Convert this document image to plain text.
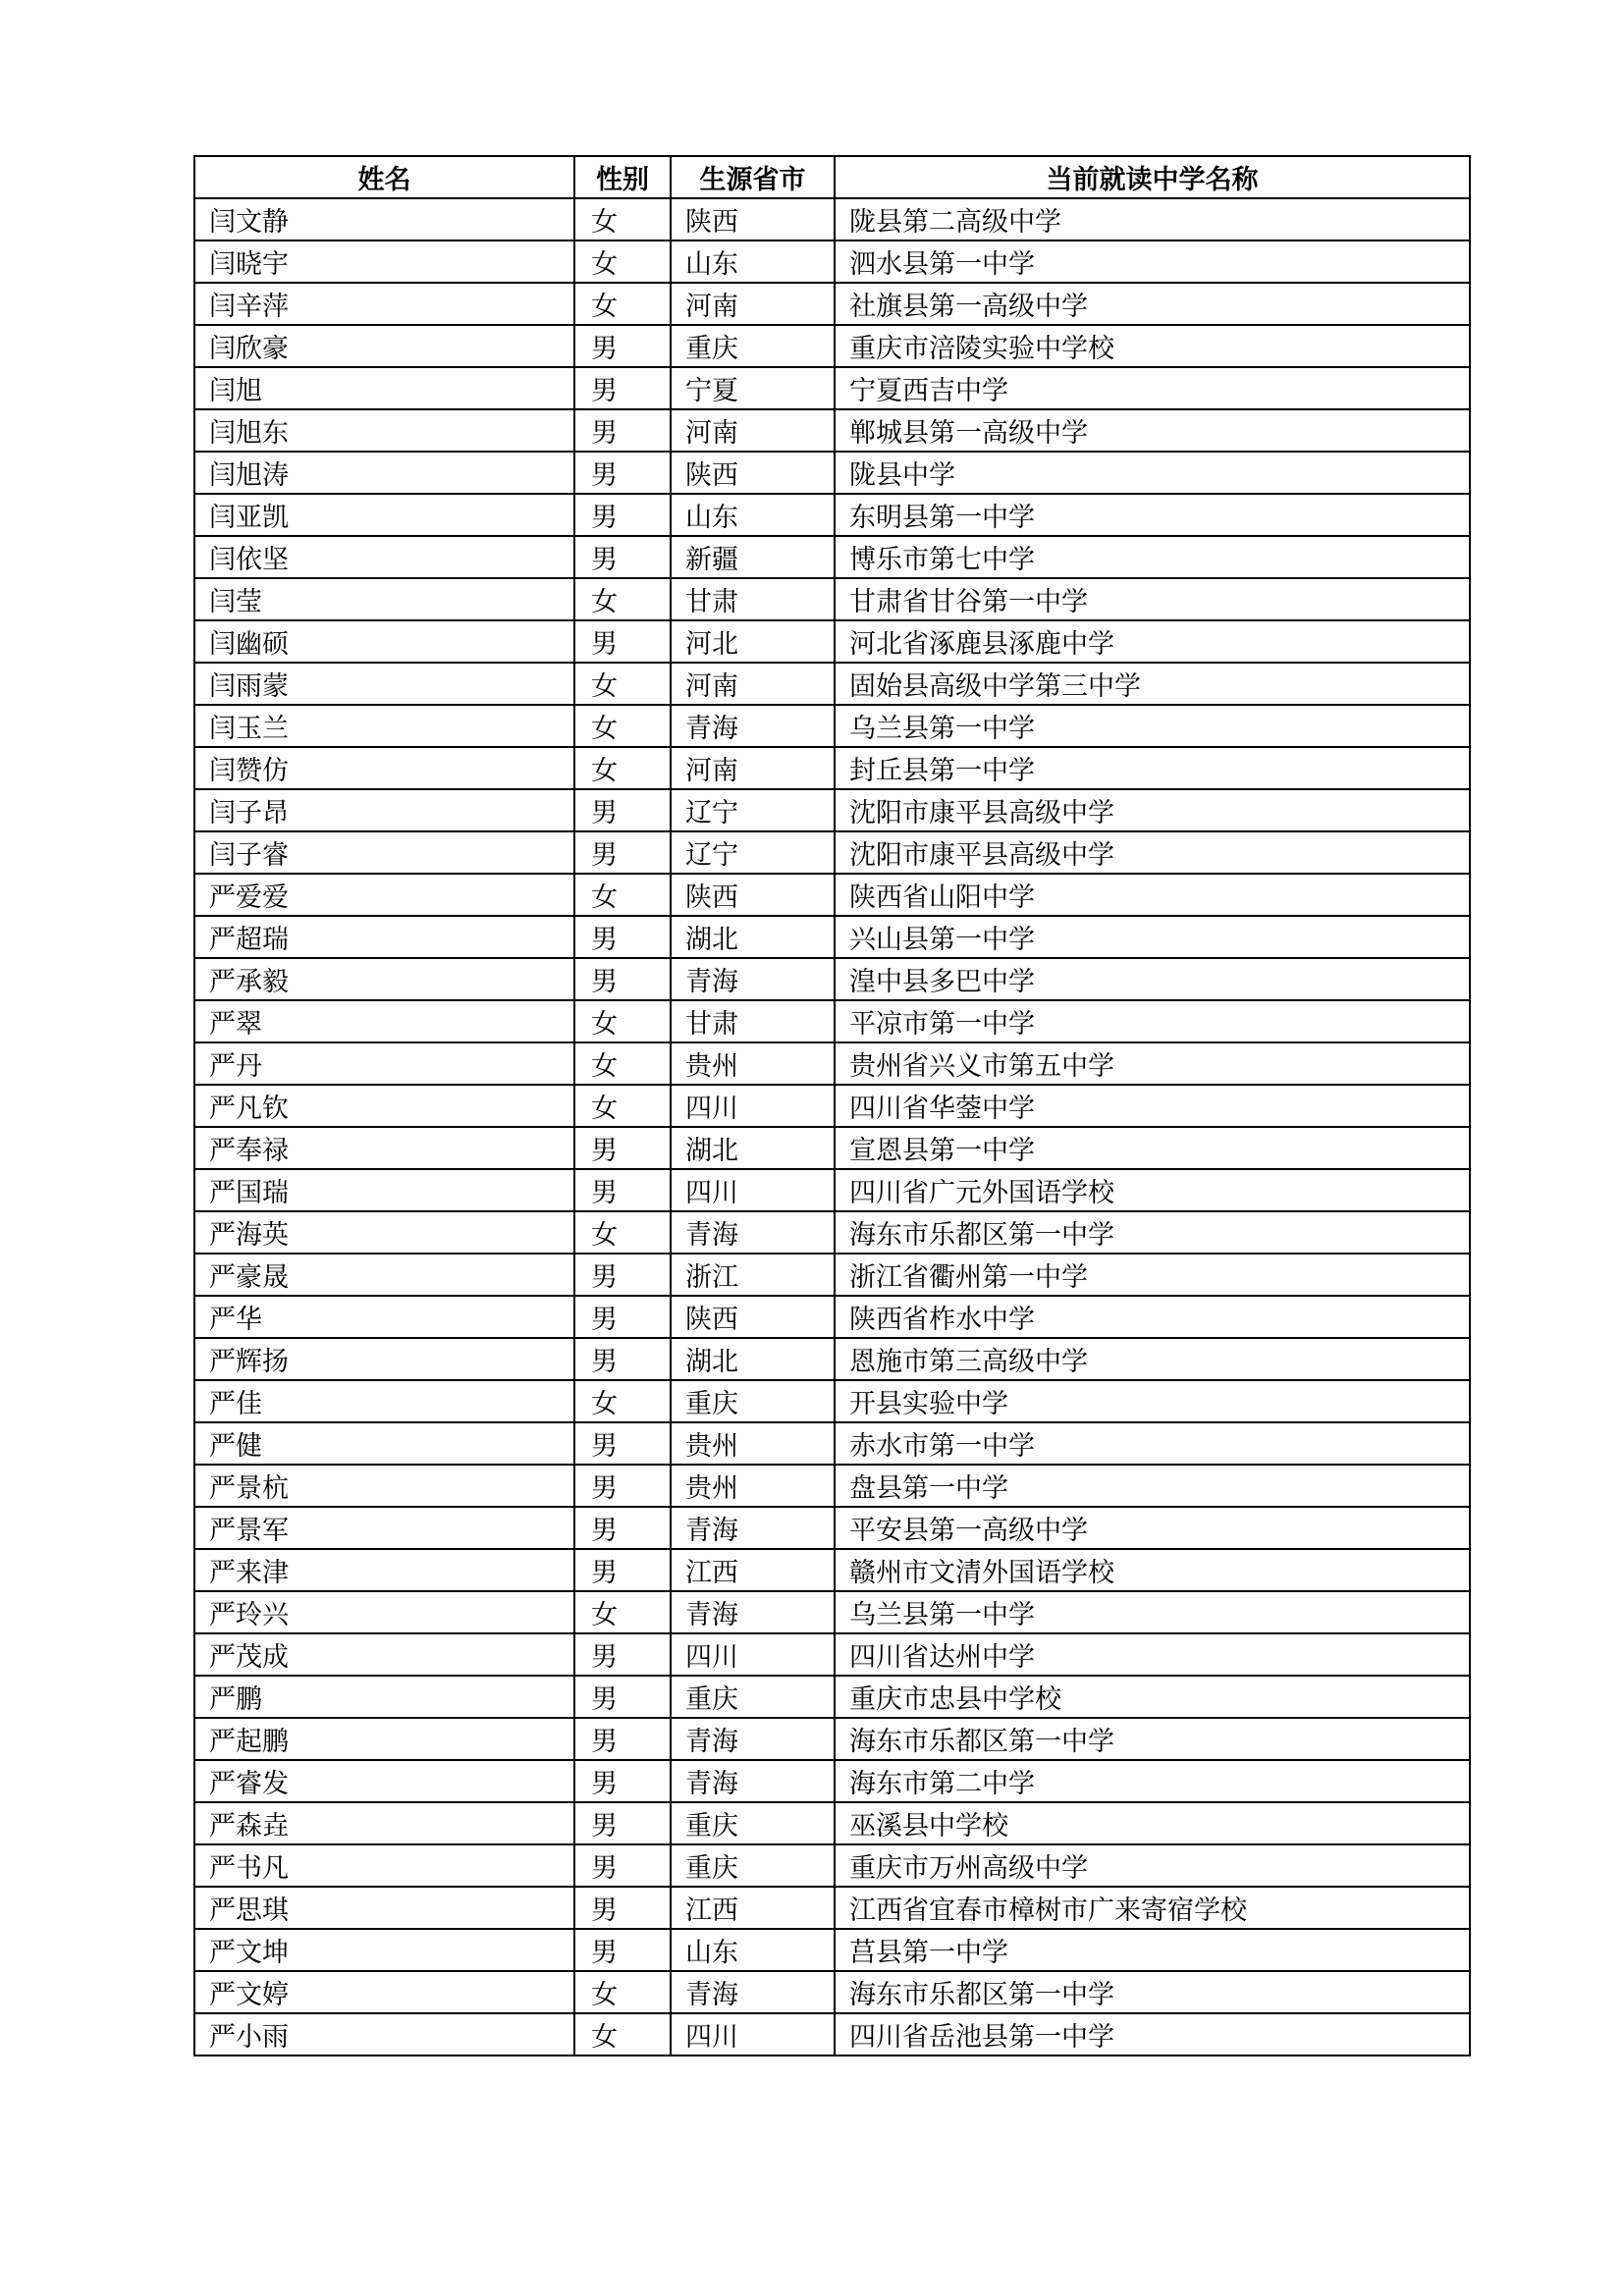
姓名	性别	生源省市	当前就读中学名称
闫文静	女	陕西	陇县第二高级中学
闫晓宇	女	山东	泗水县第一中学
闫辛萍	女	河南	社旗县第一高级中学
闫欣豪	男	重庆	重庆市涪陵实验中学校
闫旭	男	宁夏	宁夏西吉中学
闫旭东	男	河南	郸城县第一高级中学
闫旭涛	男	陕西	陇县中学
闫亚凯	男	山东	东明县第一中学
闫依坚	男	新疆	博乐市第七中学
闫莹	女	甘肃	甘肃省甘谷第一中学
闫幽硕	男	河北	河北省涿鹿县涿鹿中学
闫雨蒙	女	河南	固始县高级中学第三中学
闫玉兰	女	青海	乌兰县第一中学
闫赞仿	女	河南	封丘县第一中学
闫子昂	男	辽宁	沈阳市康平县高级中学
闫子睿	男	辽宁	沈阳市康平县高级中学
严爱爱	女	陕西	陕西省山阳中学
严超瑞	男	湖北	兴山县第一中学
严承毅	男	青海	湟中县多巴中学
严翠	女	甘肃	平凉市第一中学
严丹	女	贵州	贵州省兴义市第五中学
严凡钦	女	四川	四川省华蓥中学
严奉禄	男	湖北	宣恩县第一中学
严国瑞	男	四川	四川省广元外国语学校
严海英	女	青海	海东市乐都区第一中学
严豪晟	男	浙江	浙江省衢州第一中学
严华	男	陕西	陕西省柞水中学
严辉扬	男	湖北	恩施市第三高级中学
严佳	女	重庆	开县实验中学
严健	男	贵州	赤水市第一中学
严景杭	男	贵州	盘县第一中学
严景军	男	青海	平安县第一高级中学
严来津	男	江西	赣州市文清外国语学校
严玲兴	女	青海	乌兰县第一中学
严茂成	男	四川	四川省达州中学
严鹏	男	重庆	重庆市忠县中学校
严起鹏	男	青海	海东市乐都区第一中学
严睿发	男	青海	海东市第二中学
严森垚	男	重庆	巫溪县中学校
严书凡	男	重庆	重庆市万州高级中学
严思琪	男	江西	江西省宜春市樟树市广来寄宿学校
严文坤	男	山东	莒县第一中学
严文婷	女	青海	海东市乐都区第一中学
严小雨	女	四川	四川省岳池县第一中学
